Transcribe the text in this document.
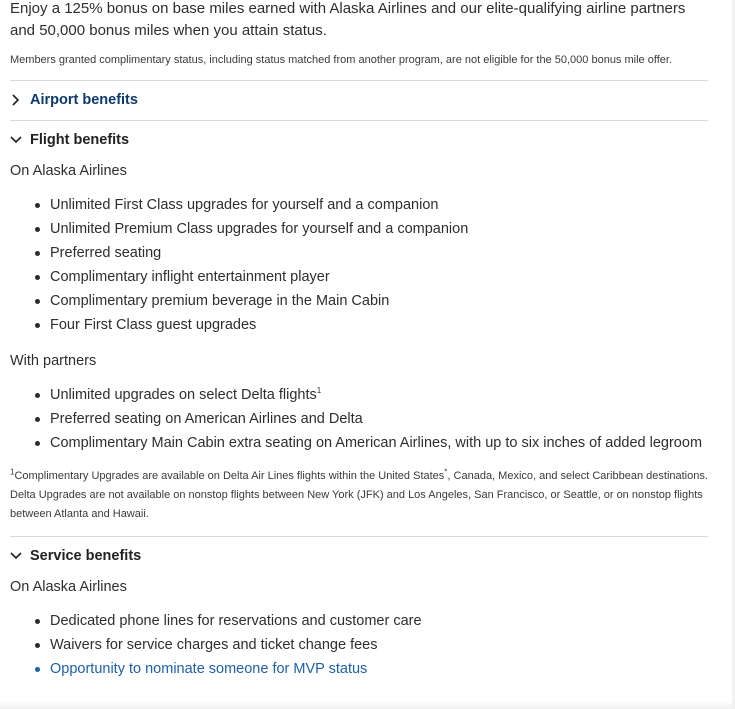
Enjoy a 125% bonus on base miles earned with Alaska Airlines and our elite-qualifying airline partners and 50,000 bonus miles when you attain status.

Members granted complimentary status, including status matched from another program, are not eligible for the 50,000 bonus mile offer.

Airport benefits
Flight benefits

On Alaska Airlines

Unlimited First Class upgrades for yourself and a companion
Unlimited Premium Class upgrades for yourself and a companion
Preferred seating
Complimentary inflight entertainment player
Complimentary premium beverage in the Main Cabin
Four First Class guest upgrades

With partners

Unlimited upgrades on select Delta flights$^1$
Preferred seating on American Airlines and Delta
Complimentary Main Cabin extra seating on American Airlines, with up to six inches of added legroom

$^1$Complimentary Upgrades are available on Delta Air Lines flights within the United States*, Canada, Mexico, and select Caribbean destinations. Delta Upgrades are not available on nonstop flights between New York (JFK) and Los Angeles, San Francisco, or Seattle, or on nonstop flights between Atlanta and Hawaii.

Service benefits

On Alaska Airlines

Dedicated phone lines for reservations and customer care
Waivers for service charges and ticket change fees
Opportunity to nominate someone for MVP status
